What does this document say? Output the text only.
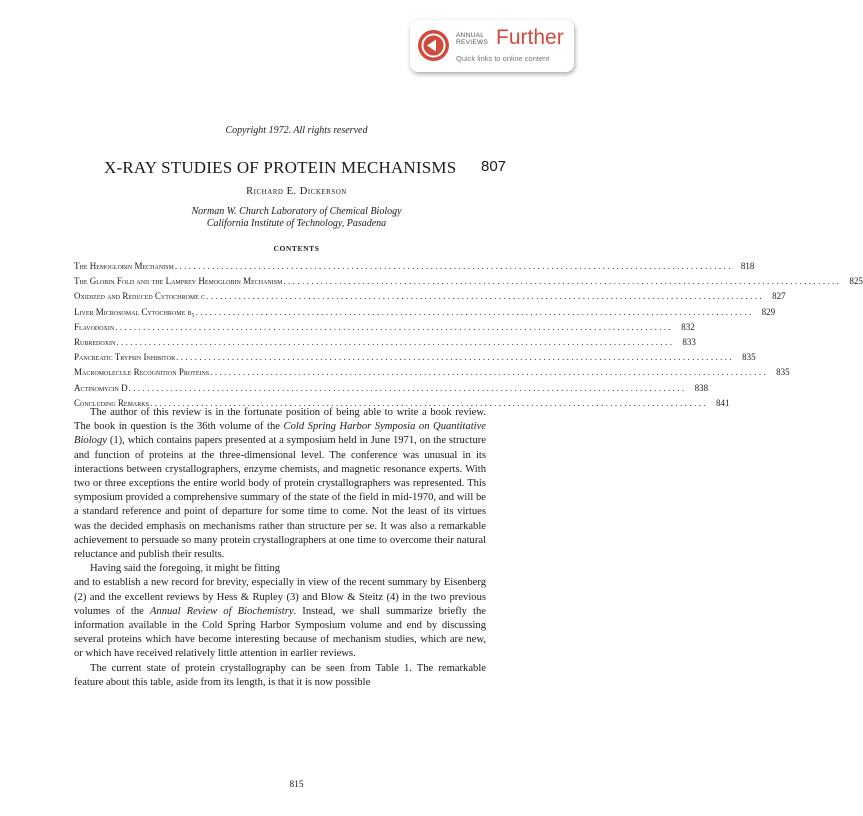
ANNUAL
REVIEWS Further
Quick links to online content
Copyright 1972. All rights reserved
X-RAY STUDIES OF PROTEIN MECHANISMS 807
Richard E. Dickerson
Norman W. Church Laboratory of Chemical Biology
California Institute of Technology, Pasadena
CONTENTS
The Hemoglobin Mechanism ........................................................................................................................ 818
The Globin Fold and the Lamprey Hemoglobin Mechanism ........................................................................................................................ 825
Oxidized and Reduced Cytochrome c ........................................................................................................................ 827
Liver Microsomal Cytochrome b₅ ........................................................................................................................ 829
Flavodoxin ........................................................................................................................ 832
Rubredoxin ........................................................................................................................ 833
Pancreatic Trypsin Inhibitor ........................................................................................................................ 835
Macromolecule Recognition Proteins ........................................................................................................................ 835
Actinomycin D ........................................................................................................................ 838
Concluding Remarks ........................................................................................................................ 841

The author of this review is in the fortunate position of being able to write a book review. The book in question is the 36th volume of the Cold Spring Harbor Symposia on Quantitative Biology (1), which contains papers presented at a symposium held in June 1971, on the structure and function of proteins at the three-dimensional level. The conference was unusual in its interactions between crystallographers, enzyme chemists, and magnetic resonance experts. With two or three exceptions the entire world body of protein crystallographers was represented. This symposium provided a comprehensive summary of the state of the field in mid-1970, and will be a standard reference and point of departure for some time to come. Not the least of its virtues was the decided emphasis on mechanisms rather than structure per se. It was also a remarkable achievement to persuade so many protein crystallographers at one time to overcome their natural reluctance and publish their results.

Having said the foregoing, it might be fitting

and to establish a new record for brevity, especially in view of the recent summary by Eisenberg (2) and the excellent reviews by Hess & Rupley (3) and Blow & Steitz (4) in the two previous volumes of the Annual Review of Biochemistry. Instead, we shall summarize briefly the information available in the Cold Spring Harbor Symposium volume and end by discussing several proteins which have become interesting because of mechanism studies, which are new, or which have received relatively little attention in earlier reviews.

The current state of protein crystallography can be seen from Table 1. The remarkable feature about this table, aside from its length, is that it is now possible

815
